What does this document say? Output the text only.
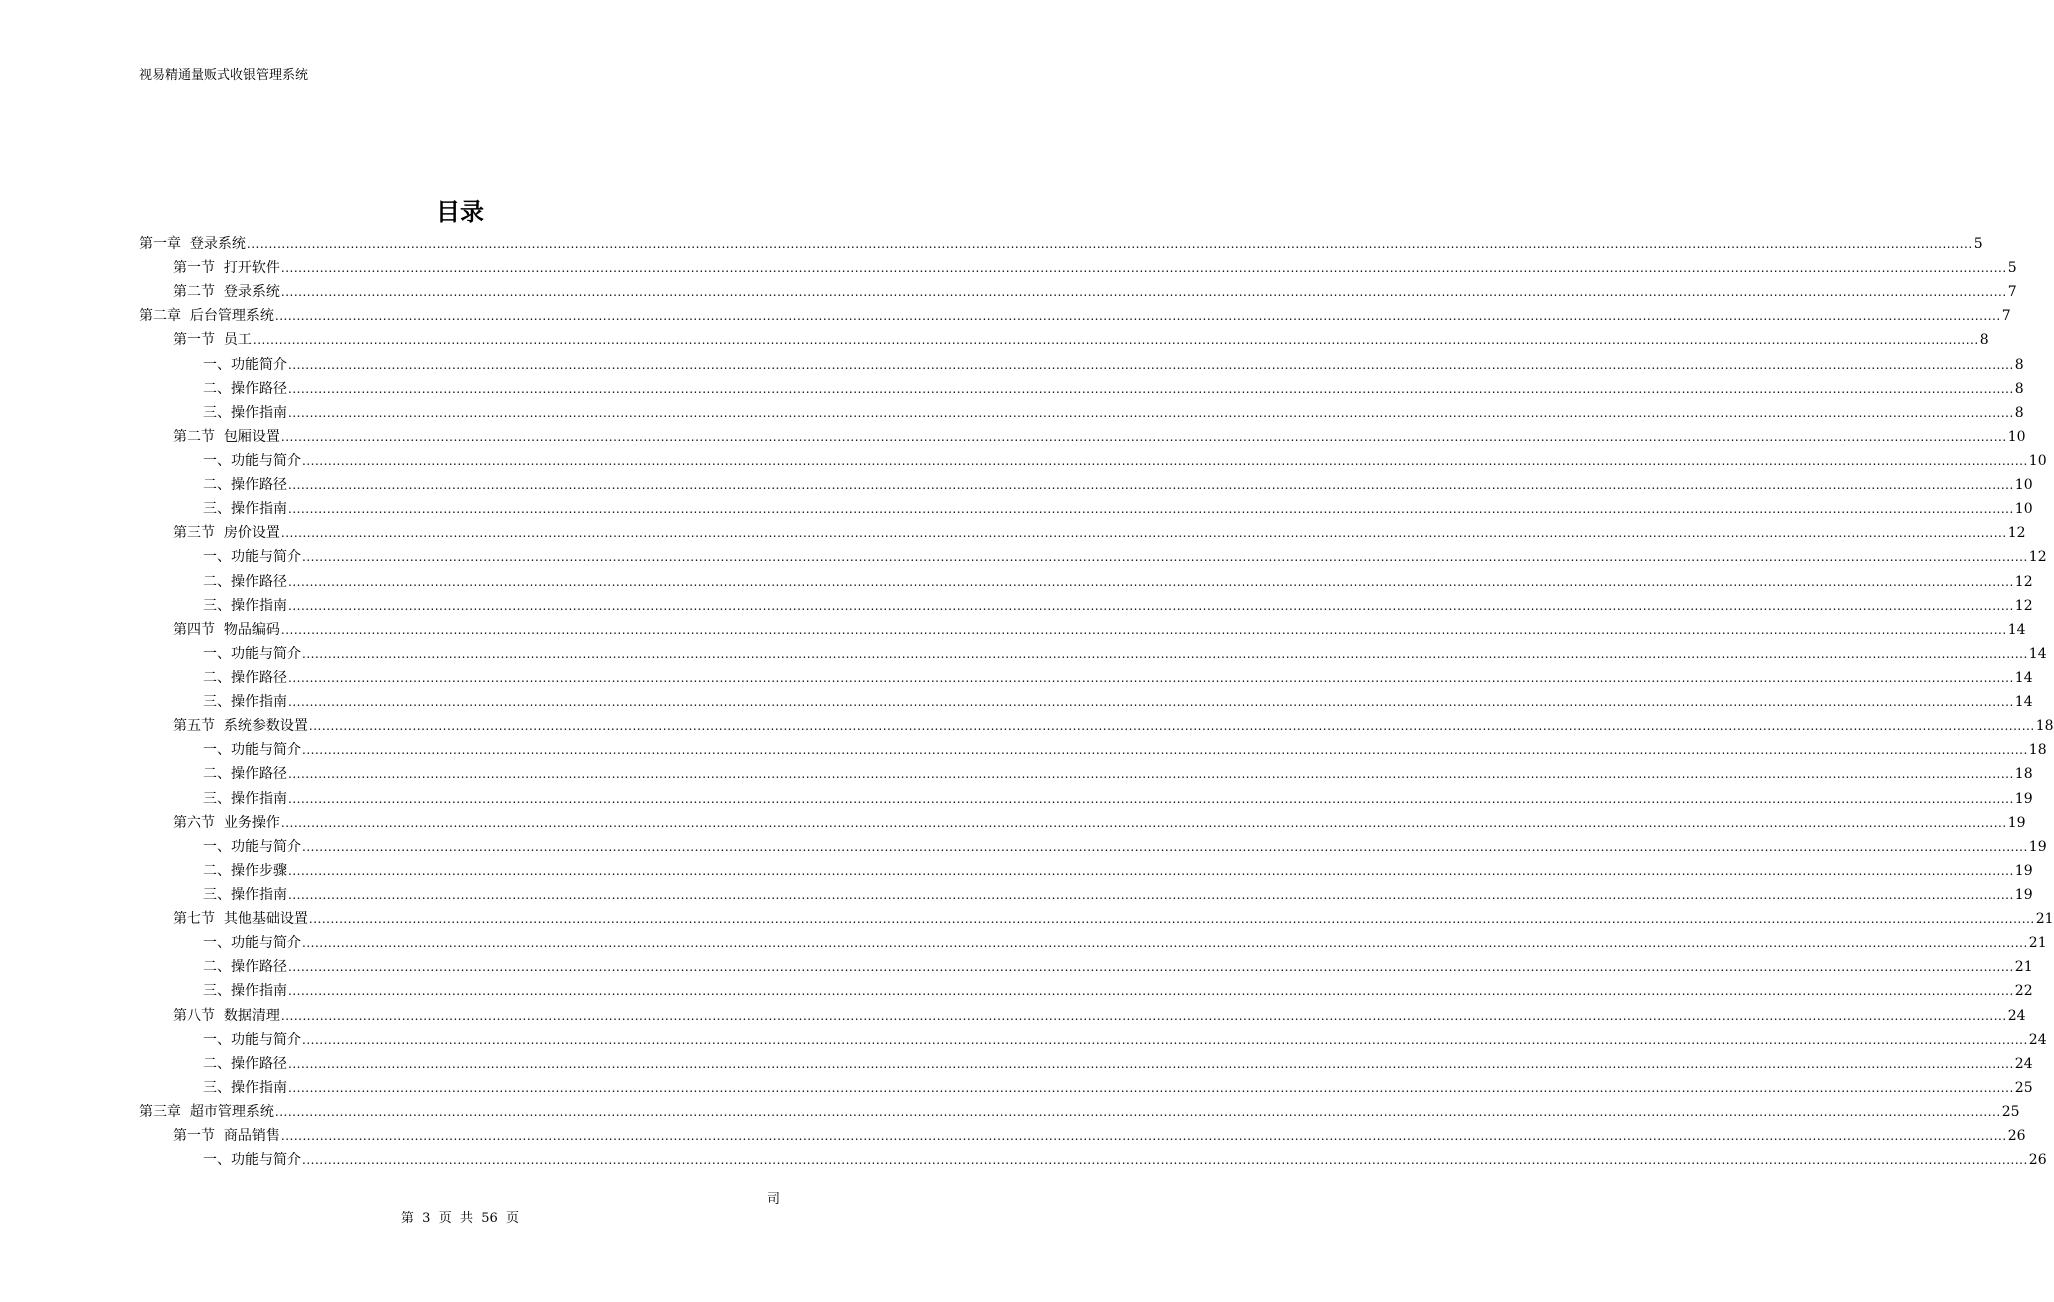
视易精通量贩式收银管理系统
目录
第一章  登录系统 ................................................................................................................................................................................................................................................................................................................................................................................................................ 5
第一节  打开软件 ................................................................................................................................................................................................................................................................................................................................................................................................................ 5
第二节  登录系统 ................................................................................................................................................................................................................................................................................................................................................................................................................ 7
第二章  后台管理系统 ................................................................................................................................................................................................................................................................................................................................................................................................................ 7
第一节  员工 ................................................................................................................................................................................................................................................................................................................................................................................................................ 8
一、功能简介 ................................................................................................................................................................................................................................................................................................................................................................................................................ 8
二、操作路径 ................................................................................................................................................................................................................................................................................................................................................................................................................ 8
三、操作指南 ................................................................................................................................................................................................................................................................................................................................................................................................................ 8
第二节  包厢设置 ................................................................................................................................................................................................................................................................................................................................................................................................................ 10
一、功能与简介 ................................................................................................................................................................................................................................................................................................................................................................................................................ 10
二、操作路径 ................................................................................................................................................................................................................................................................................................................................................................................................................ 10
三、操作指南 ................................................................................................................................................................................................................................................................................................................................................................................................................ 10
第三节  房价设置 ................................................................................................................................................................................................................................................................................................................................................................................................................ 12
一、功能与简介 ................................................................................................................................................................................................................................................................................................................................................................................................................ 12
二、操作路径 ................................................................................................................................................................................................................................................................................................................................................................................................................ 12
三、操作指南 ................................................................................................................................................................................................................................................................................................................................................................................................................ 12
第四节  物品编码 ................................................................................................................................................................................................................................................................................................................................................................................................................ 14
一、功能与简介 ................................................................................................................................................................................................................................................................................................................................................................................................................ 14
二、操作路径 ................................................................................................................................................................................................................................................................................................................................................................................................................ 14
三、操作指南 ................................................................................................................................................................................................................................................................................................................................................................................................................ 14
第五节  系统参数设置 ................................................................................................................................................................................................................................................................................................................................................................................................................ 18
一、功能与简介 ................................................................................................................................................................................................................................................................................................................................................................................................................ 18
二、操作路径 ................................................................................................................................................................................................................................................................................................................................................................................................................ 18
三、操作指南 ................................................................................................................................................................................................................................................................................................................................................................................................................ 19
第六节  业务操作 ................................................................................................................................................................................................................................................................................................................................................................................................................ 19
一、功能与简介 ................................................................................................................................................................................................................................................................................................................................................................................................................ 19
二、操作步骤 ................................................................................................................................................................................................................................................................................................................................................................................................................ 19
三、操作指南 ................................................................................................................................................................................................................................................................................................................................................................................................................ 19
第七节  其他基础设置 ................................................................................................................................................................................................................................................................................................................................................................................................................ 21
一、功能与简介 ................................................................................................................................................................................................................................................................................................................................................................................................................ 21
二、操作路径 ................................................................................................................................................................................................................................................................................................................................................................................................................ 21
三、操作指南 ................................................................................................................................................................................................................................................................................................................................................................................................................ 22
第八节  数据清理 ................................................................................................................................................................................................................................................................................................................................................................................................................ 24
一、功能与简介 ................................................................................................................................................................................................................................................................................................................................................................................................................ 24
二、操作路径 ................................................................................................................................................................................................................................................................................................................................................................................................................ 24
三、操作指南 ................................................................................................................................................................................................................................................................................................................................................................................................................ 25
第三章  超市管理系统 ................................................................................................................................................................................................................................................................................................................................................................................................................ 25
第一节  商品销售 ................................................................................................................................................................................................................................................................................................................................................................................................................ 26
一、功能与简介 ................................................................................................................................................................................................................................................................................................................................................................................................................ 26
司
第  3  页  共  56  页
